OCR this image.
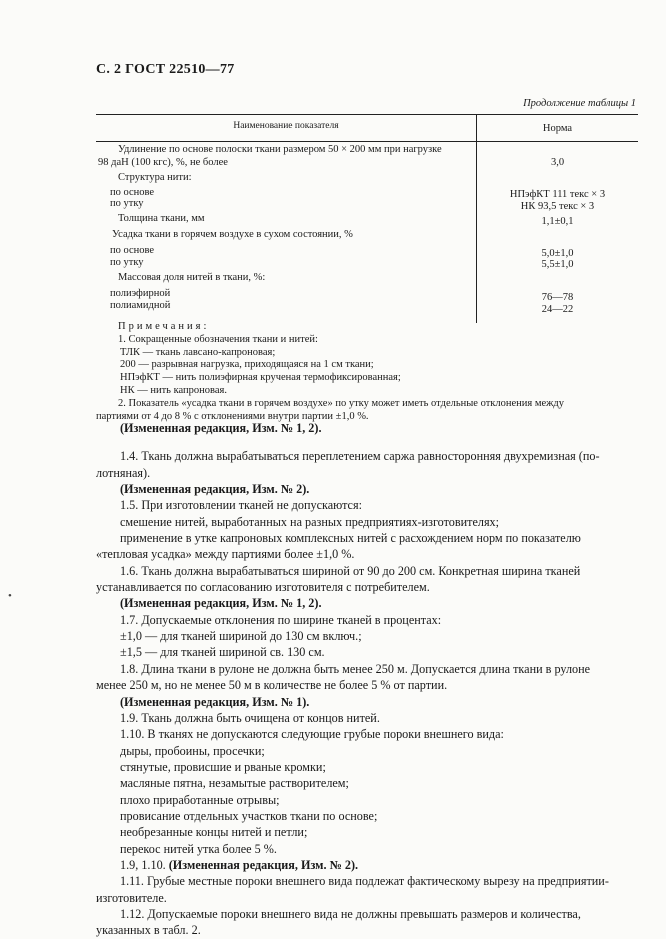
С. 2 ГОСТ 22510—77
Продолжение таблицы 1
Наименование показателя	Норма
Удлинение по основе полоски ткани размером 50 × 200 мм при нагрузке
98 даН (100 кгс), %, не более	3,0
Структура нити:
по основе	НПэфКТ 111 текс × 3
по утку	НК 93,5 текс × 3
Толщина ткани, мм	1,1±0,1
Усадка ткани в горячем воздухе в сухом состоянии, %
по основе	5,0±1,0
по утку	5,5±1,0
Массовая доля нитей в ткани, %:
полиэфирной	76—78
полиамидной	24—22
Примечания:
1. Сокращенные обозначения ткани и нитей:
ТЛК — ткань лавсано-капроновая;
200 — разрывная нагрузка, приходящаяся на 1 см ткани;
НПэфКТ — нить полиэфирная крученая термофиксированная;
НК — нить капроновая.
2. Показатель «усадка ткани в горячем воздухе» по утку может иметь отдельные отклонения между
партиями от 4 до 8 % с отклонениями внутри партии ±1,0 %.

(Измененная редакция, Изм. № 1, 2).

1.4. Ткань должна вырабатываться переплетением саржа равносторонняя двухремизная (по-
лотняная).

(Измененная редакция, Изм. № 2).

1.5. При изготовлении тканей не допускаются:

смешение нитей, выработанных на разных предприятиях-изготовителях;

применение в утке капроновых комплексных нитей с расхождением норм по показателю
«тепловая усадка» между партиями более ±1,0 %.

1.6. Ткань должна вырабатываться шириной от 90 до 200 см. Конкретная ширина тканей
устанавливается по согласованию изготовителя с потребителем.

(Измененная редакция, Изм. № 1, 2).

1.7. Допускаемые отклонения по ширине тканей в процентах:

±1,0 — для тканей шириной до 130 см включ.;

±1,5 — для тканей шириной св. 130 см.

1.8. Длина ткани в рулоне не должна быть менее 250 м. Допускается длина ткани в рулоне
менее 250 м, но не менее 50 м в количестве не более 5 % от партии.

(Измененная редакция, Изм. № 1).

1.9. Ткань должна быть очищена от концов нитей.

1.10. В тканях не допускаются следующие грубые пороки внешнего вида:

дыры, пробоины, просечки;

стянутые, провисшие и рваные кромки;

масляные пятна, незамытые растворителем;

плохо приработанные отрывы;

провисание отдельных участков ткани по основе;

необрезанные концы нитей и петли;

перекос нитей утка более 5 %.

1.9, 1.10. (Измененная редакция, Изм. № 2).

1.11. Грубые местные пороки внешнего вида подлежат фактическому вырезу на предприятии-
изготовителе.

1.12. Допускаемые пороки внешнего вида не должны превышать размеров и количества,
указанных в табл. 2.

•
